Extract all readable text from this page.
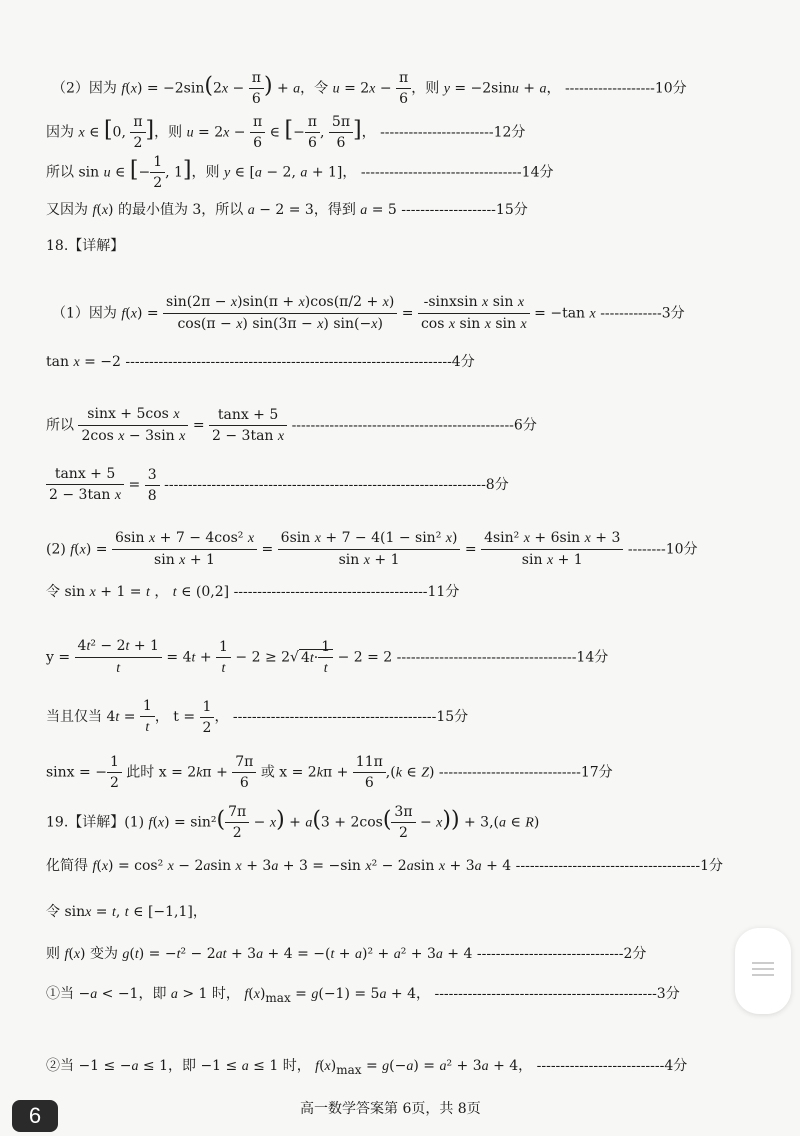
（2）因为 $f(x) = -2\sin(2x - \frac{\pi}{6}$ ) + a，令 $u = 2x - \frac{\pi}{6}$ ，则 y = −2sinu + a， -------------------10分
因为 x ∈ [0, $\frac{\pi}{2}$ ]，则 $u = 2x - \frac{\pi}{6}$ ∈ [− $\frac{\pi}{6}$ , $\frac{5\pi}{6}$ ]， ------------------------12分
所以 sin u ∈ [− $\frac{1}{2}$ , 1]，则 y ∈ [a − 2, a + 1]， ----------------------------------14分
又因为 f(x) 的最小值为 3，所以 a − 2 = 3，得到 a = 5 --------------------15分
18.【详解】
（1）因为 $f(x) = \frac{\sin(2\pi - x)\sin(\pi + x)\cos(\pi/2 + x)}{\cos(\pi - x) \sin(3\pi - x) \sin(-x)} = \frac{\text{-sinxsin x sin x}}{\text{cos x sin x sin x}} = -\tan$ x -------------3分
tan x = −2 ---------------------------------------------------------------------4分
所以 $\frac{\text{sinx + 5cos x}}{\text{2cos x − 3sin x}} = \frac{\tan x + 5}{\text{2 − 3tan x}} -----------------------------------------------6$分
$\frac{\tan x + 5}{\text{2 − 3tan x}} = \frac{3}{8} --------------------------------------------------------------------8$分
(2) $f(x) = \frac{\text{6sin x + 7 − 4cos² x}}{\text{sin x + 1}} = \frac{\text{6sin x + 7 − 4(1 − sin² x)}}{\text{sin x + 1}} = \frac{\text{4sin² x + 6sin x + 3}}{\text{sin x + 1}} --------10$分
令 sin x + 1 = t ， t ∈ (0,2] -----------------------------------------11分
$y = \frac{\text{4t² − 2t + 1}}{t} = 4t + \frac{1}{t} - 2 \ge 2√$ $4t\cdot \frac{1}{t} - 2 = 2$ --------------------------------------14分
当且仅当 $4t = \frac{1}{t}$ ， $t = \frac{1}{2}$ ， -------------------------------------------15分
sinx = − $\frac{1}{2}$ 此时 $x = 2k\pi + \frac{7\pi}{6}$ 或 $x = 2k\pi + \frac{11\pi}{6} ,(k$ ∈ Z) ------------------------------17分
19.【详解】(1) $f(x) = \sin^2( \frac{7\pi}{2} - x) + a(3 + 2\cos( \frac{3\pi}{2} - x)) + 3,(a$ ∈ R)
化简得 f(x) = cos² x − 2asin x + 3a + 3 = −sin x² − 2asin x + 3a + 4 ---------------------------------------1分
令 sinx = t, t ∈ [−1,1]，
则 f(x) 变为 g(t) = −t² − 2at + 3a + 4 = −(t + a)² + a² + 3a + 4 -------------------------------2分
①当 −a < −1，即 a > 1 时， $f(x)_{max} = g(-1) = 5a + 4$， -----------------------------------------------3分
②当 −1 ≤ −a ≤ 1，即 −1 ≤ a ≤ 1 时， $f(x)_{max} = g(-a) = a^2 + 3a + 4$， ---------------------------4分
高一数学答案第 6页，共 8页
6
